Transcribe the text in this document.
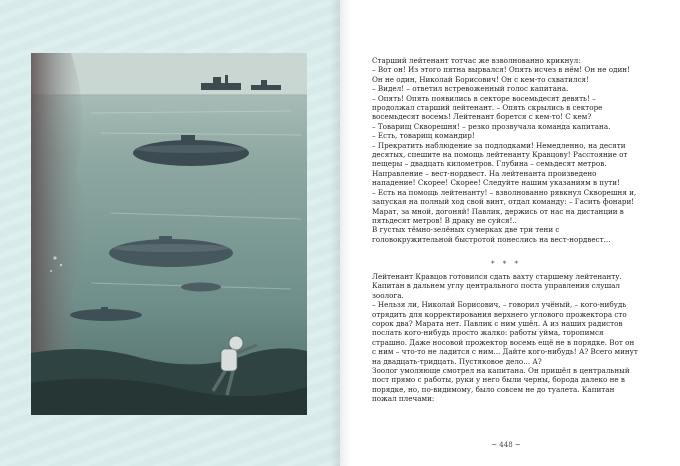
Старший лейтенант тотчас же взволнованно крикнул:

– Вот он! Из этого пятна вырвался! Опять исчез в нём! Он не один! Он не один, Николай Борисович! Он с кем-то схватился!

– Видел! – ответил встревоженный голос капитана.

– Опять! Опять появились в секторе восемьдесят девять! – продолжал старший лейтенант. – Опять скрылись в секторе восемьдесят восемь! Лейтенант борется с кем-то! С кем?

– Товарищ Скворешня! – резко прозвучала команда капитана.

– Есть, товарищ командир!

– Прекратить наблюдение за подлодками! Немедленно, на десяти десятых, спешите на помощь лейтенанту Кравцову! Расстояние от пещеры – двадцать километров. Глубина – семьдесят метров. Направление – вест-нордвест. На лейтенанта произведено нападение! Скорее! Скорее! Следуйте нашим указаниям в пути!

– Есть на помощь лейтенанту! – взволнованно рявкнул Скворешня и, запуская на полный ход свой винт, отдал команду: – Гасить фонари! Марат, за мной, догоняй! Павлик, держись от нас на дистанции в пятьдесят метров! В драку не суйся!..

В густых тёмно-зелёных сумерках две три тени с головокружительной быстротой понеслись на вест-нордвест...

* * *

Лейтенант Кравцов готовился сдать вахту старшему лейтенанту. Капитан в дальнем углу центрального поста управления слушал зоолога.

– Нельзя ли, Николай Борисович, – говорил учёный, – кого-нибудь отрядить для корректирования верхнего углового прожектора сто сорок два? Марата нет. Павлик с ним ушёл. А из наших радистов послать кого-нибудь просто жалко: работы уйма, торопимся страшно. Даже носовой прожектор восемь ещё не в порядке. Вот он с ним – что-то не ладится с ним... Дайте кого-нибудь! А? Всего минут на двадцать-тридцать. Пустяковое дело... А?

Зоолог умоляюще смотрел на капитана. Он пришёл в центральный пост прямо с работы, руки у него были черны, борода далеко не в порядке, но, по-видимому, было совсем не до туалета. Капитан пожал плечами:

~ 448 ~
